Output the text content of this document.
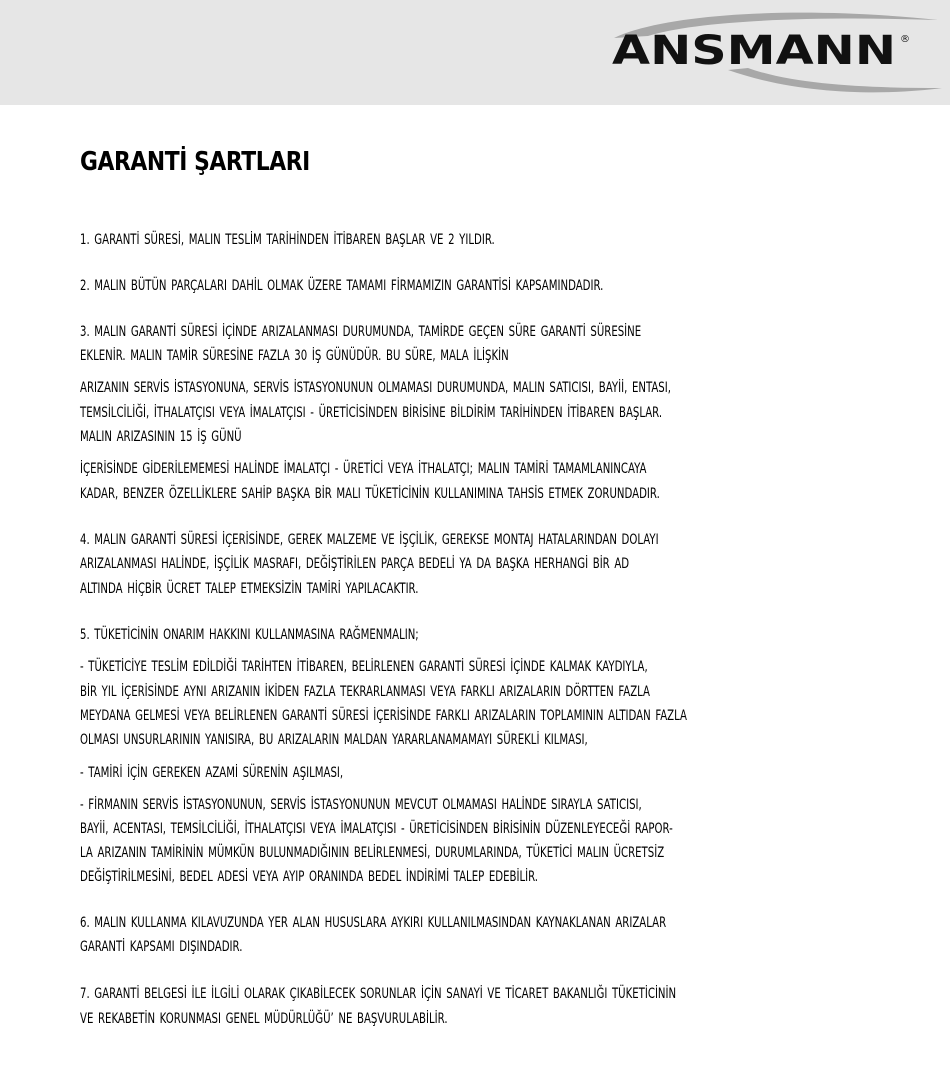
ANSMANN ®
GARANTİ ŞARTLARI
1. GARANTİ SÜRESİ, MALIN TESLİM TARİHİNDEN İTİBAREN BAŞLAR VE 2 YILDIR.
2. MALIN BÜTÜN PARÇALARI DAHİL OLMAK ÜZERE TAMAMI FİRMAMIZIN GARANTİSİ KAPSAMINDADIR.
3. MALIN GARANTİ SÜRESİ İÇİNDE ARIZALANMASI DURUMUNDA, TAMİRDE GEÇEN SÜRE GARANTİ SÜRESİNE
EKLENİR. MALIN TAMİR SÜRESİNE FAZLA 30 İŞ GÜNÜDÜR. BU SÜRE, MALA İLİŞKİN
ARIZANIN SERVİS İSTASYONUNA, SERVİS İSTASYONUNUN OLMAMASI DURUMUNDA, MALIN SATICISI, BAYİİ, ENTASI,
TEMSİLCİLİĞİ, İTHALATÇISI VEYA İMALATÇISI - ÜRETİCİSİNDEN BİRİSİNE BİLDİRİM TARİHİNDEN İTİBAREN BAŞLAR.
MALIN ARIZASININ 15 İŞ GÜNÜ
İÇERİSİNDE GİDERİLEMEMESİ HALİNDE İMALATÇI - ÜRETİCİ VEYA İTHALATÇI; MALIN TAMİRİ TAMAMLANINCAYA
KADAR, BENZER ÖZELLİKLERE SAHİP BAŞKA BİR MALI TÜKETİCİNİN KULLANIMINA TAHSİS ETMEK ZORUNDADIR.
4. MALIN GARANTİ SÜRESİ İÇERİSİNDE, GEREK MALZEME VE İŞÇİLİK, GEREKSE MONTAJ HATALARINDAN DOLAYI
ARIZALANMASI HALİNDE, İŞÇİLİK MASRAFI, DEĞİŞTİRİLEN PARÇA BEDELİ YA DA BAŞKA HERHANGİ BİR AD
ALTINDA HİÇBİR ÜCRET TALEP ETMEKSİZİN TAMİRİ YAPILACAKTIR.
5. TÜKETİCİNİN ONARIM HAKKINI KULLANMASINA RAĞMENMALIN;
- TÜKETİCİYE TESLİM EDİLDİĞİ TARİHTEN İTİBAREN, BELİRLENEN GARANTİ SÜRESİ İÇİNDE KALMAK KAYDIYLA,
BİR YIL İÇERİSİNDE AYNI ARIZANIN İKİDEN FAZLA TEKRARLANMASI VEYA FARKLI ARIZALARIN DÖRTTEN FAZLA
MEYDANA GELMESİ VEYA BELİRLENEN GARANTİ SÜRESİ İÇERİSİNDE FARKLI ARIZALARIN TOPLAMININ ALTIDAN FAZLA
OLMASI UNSURLARININ YANISIRA, BU ARIZALARIN MALDAN YARARLANAMAMAYI SÜREKLİ KILMASI,
- TAMİRİ İÇİN GEREKEN AZAMİ SÜRENİN AŞILMASI,
- FİRMANIN SERVİS İSTASYONUNUN, SERVİS İSTASYONUNUN MEVCUT OLMAMASI HALİNDE SIRAYLA SATICISI,
BAYİİ, ACENTASI, TEMSİLCİLİĞİ, İTHALATÇISI VEYA İMALATÇISI - ÜRETİCİSİNDEN BİRİSİNİN DÜZENLEYECEĞİ RAPOR-
LA ARIZANIN TAMİRİNİN MÜMKÜN BULUNMADIĞININ BELİRLENMESİ, DURUMLARINDA, TÜKETİCİ MALIN ÜCRETSİZ
DEĞİŞTİRİLMESİNİ, BEDEL ADESİ VEYA AYIP ORANINDA BEDEL İNDİRİMİ TALEP EDEBİLİR.
6. MALIN KULLANMA KILAVUZUNDA YER ALAN HUSUSLARA AYKIRI KULLANILMASINDAN KAYNAKLANAN ARIZALAR
GARANTİ KAPSAMI DIŞINDADIR.
7. GARANTİ BELGESİ İLE İLGİLİ OLARAK ÇIKABİLECEK SORUNLAR İÇİN SANAYİ VE TİCARET BAKANLIĞI TÜKETİCİNİN
VE REKABETİN KORUNMASI GENEL MÜDÜRLÜĞÜ’ NE BAŞVURULABİLİR.
